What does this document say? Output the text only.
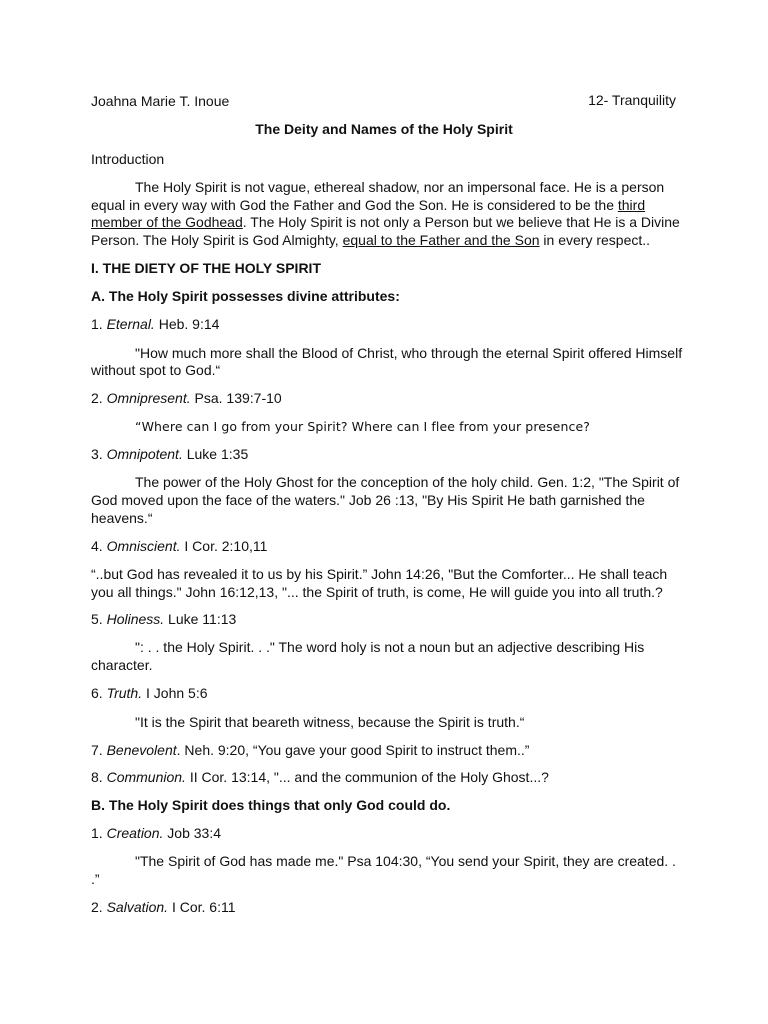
Joahna Marie T. Inoue	12- Tranquility
The Deity and Names of the Holy Spirit
Introduction
The Holy Spirit is not vague, ethereal shadow, nor an impersonal face. He is a person
equal in every way with God the Father and God the Son. He is considered to be the third
member of the Godhead. The Holy Spirit is not only a Person but we believe that He is a Divine
Person. The Holy Spirit is God Almighty, equal to the Father and the Son in every respect..
I. THE DIETY OF THE HOLY SPIRIT
A. The Holy Spirit possesses divine attributes:
1. Eternal. Heb. 9:14
"How much more shall the Blood of Christ, who through the eternal Spirit offered Himself
without spot to God.“
2. Omnipresent. Psa. 139:7-10
“Where can I go from your Spirit? Where can I flee from your presence?
3. Omnipotent. Luke 1:35
The power of the Holy Ghost for the conception of the holy child. Gen. 1:2, "The Spirit of
God moved upon the face of the waters." Job 26 :13, "By His Spirit He bath garnished the
heavens.“
4. Omniscient. I Cor. 2:10,11
“..but God has revealed it to us by his Spirit.” John 14:26, "But the Comforter... He shall teach
you all things." John 16:12,13, "... the Spirit of truth, is come, He will guide you into all truth.?
5. Holiness. Luke 11:13
": . . the Holy Spirit. . ." The word holy is not a noun but an adjective describing His
character.
6. Truth. I John 5:6
"It is the Spirit that beareth witness, because the Spirit is truth.“
7. Benevolent. Neh. 9:20, “You gave your good Spirit to instruct them..”
8. Communion. II Cor. 13:14, "... and the communion of the Holy Ghost...?
B. The Holy Spirit does things that only God could do.
1. Creation. Job 33:4
"The Spirit of God has made me." Psa 104:30, “You send your Spirit, they are created. .
.”
2. Salvation. I Cor. 6:11
